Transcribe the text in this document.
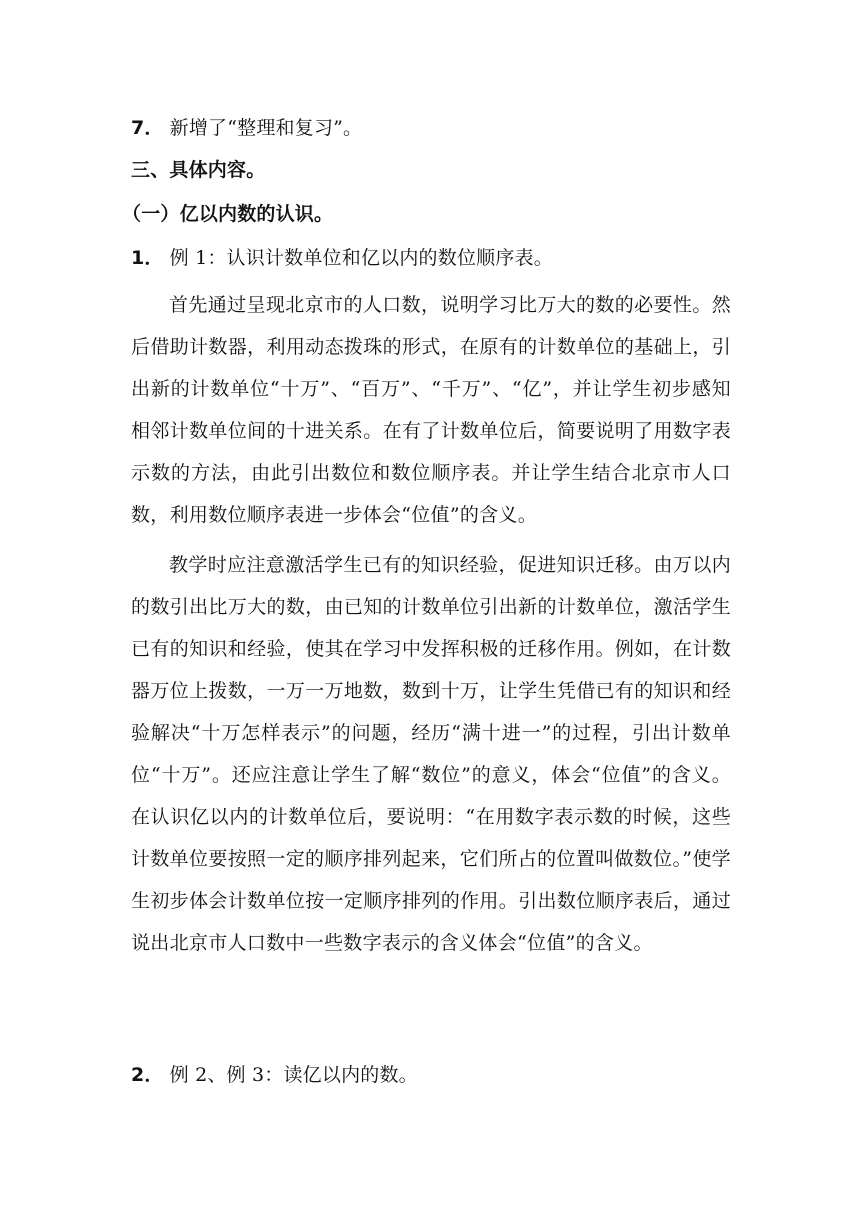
7． 新增了“整理和复习”。
三、具体内容。
（一）亿以内数的认识。
1． 例 1：认识计数单位和亿以内的数位顺序表。
首先通过呈现北京市的人口数，说明学习比万大的数的必要性。然后借助计数器，利用动态拨珠的形式，在原有的计数单位的基础上，引出新的计数单位“十万”、“百万”、“千万”、“亿”，并让学生初步感知相邻计数单位间的十进关系。在有了计数单位后，简要说明了用数字表示数的方法，由此引出数位和数位顺序表。并让学生结合北京市人口数，利用数位顺序表进一步体会“位值”的含义。
教学时应注意激活学生已有的知识经验，促进知识迁移。由万以内的数引出比万大的数，由已知的计数单位引出新的计数单位，激活学生已有的知识和经验，使其在学习中发挥积极的迁移作用。例如，在计数器万位上拨数，一万一万地数，数到十万，让学生凭借已有的知识和经验解决“十万怎样表示”的问题，经历“满十进一”的过程，引出计数单位“十万”。还应注意让学生了解“数位”的意义，体会“位值”的含义。在认识亿以内的计数单位后，要说明：“在用数字表示数的时候，这些计数单位要按照一定的顺序排列起来，它们所占的位置叫做数位。”使学生初步体会计数单位按一定顺序排列的作用。引出数位顺序表后，通过说出北京市人口数中一些数字表示的含义体会“位值”的含义。
2． 例 2、例 3：读亿以内的数。
